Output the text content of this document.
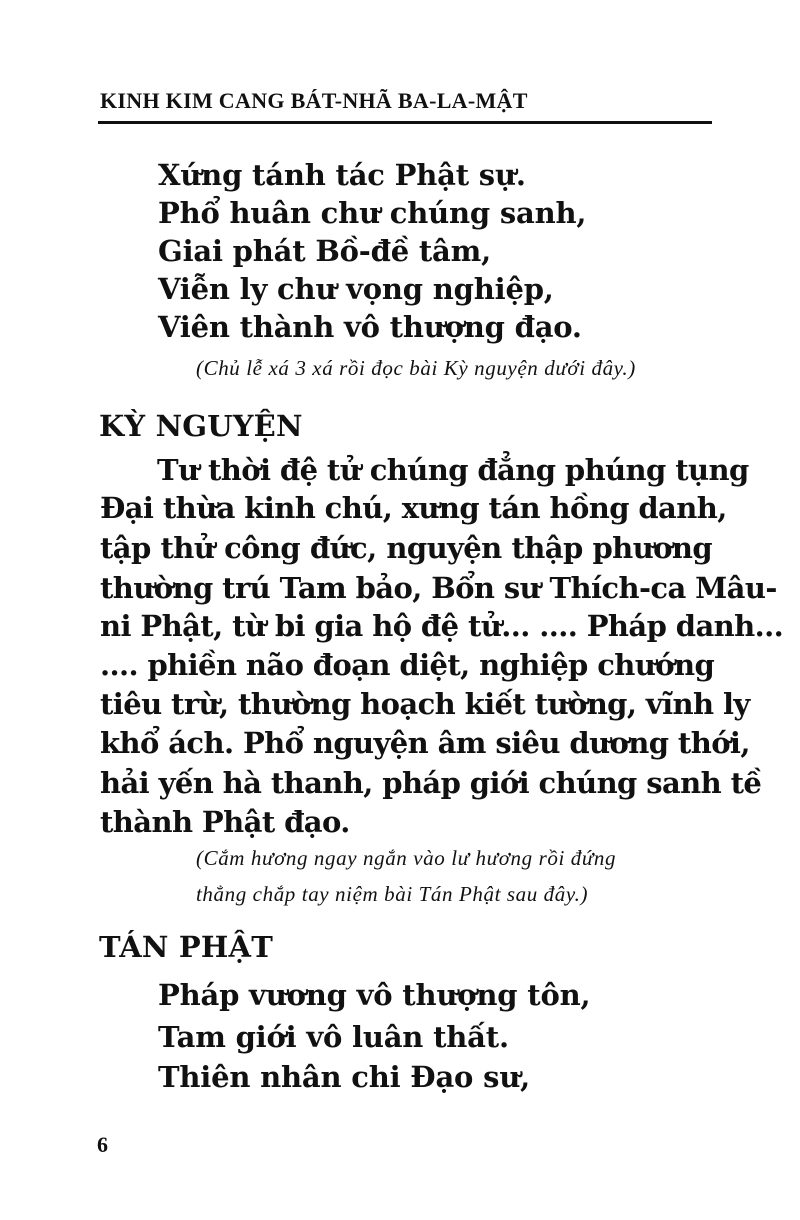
KINH KIM CANG BÁT-NHÃ BA-LA-MẬT
Xứng tánh tác Phật sự.
Phổ huân chư chúng sanh,
Giai phát Bồ-đề tâm,
Viễn ly chư vọng nghiệp,
Viên thành vô thượng đạo.
(Chủ lễ xá 3 xá rồi đọc bài Kỳ nguyện dưới đây.)
KỲ NGUYỆN
Tư thời đệ tử chúng đẳng phúng tụng
Đại thừa kinh chú, xưng tán hồng danh,
tập thử công đức, nguyện thập phương
thường trú Tam bảo, Bổn sư Thích-ca Mâu-
ni Phật, từ bi gia hộ đệ tử... .... Pháp danh...
.... phiền não đoạn diệt, nghiệp chướng
tiêu trừ, thường hoạch kiết tường, vĩnh ly
khổ ách. Phổ nguyện âm siêu dương thới,
hải yến hà thanh, pháp giới chúng sanh tề
thành Phật đạo.
(Cắm hương ngay ngắn vào lư hương rồi đứng
thẳng chắp tay niệm bài Tán Phật sau đây.)
TÁN PHẬT
Pháp vương vô thượng tôn,
Tam giới vô luân thất.
Thiên nhân chi Đạo sư,
6
